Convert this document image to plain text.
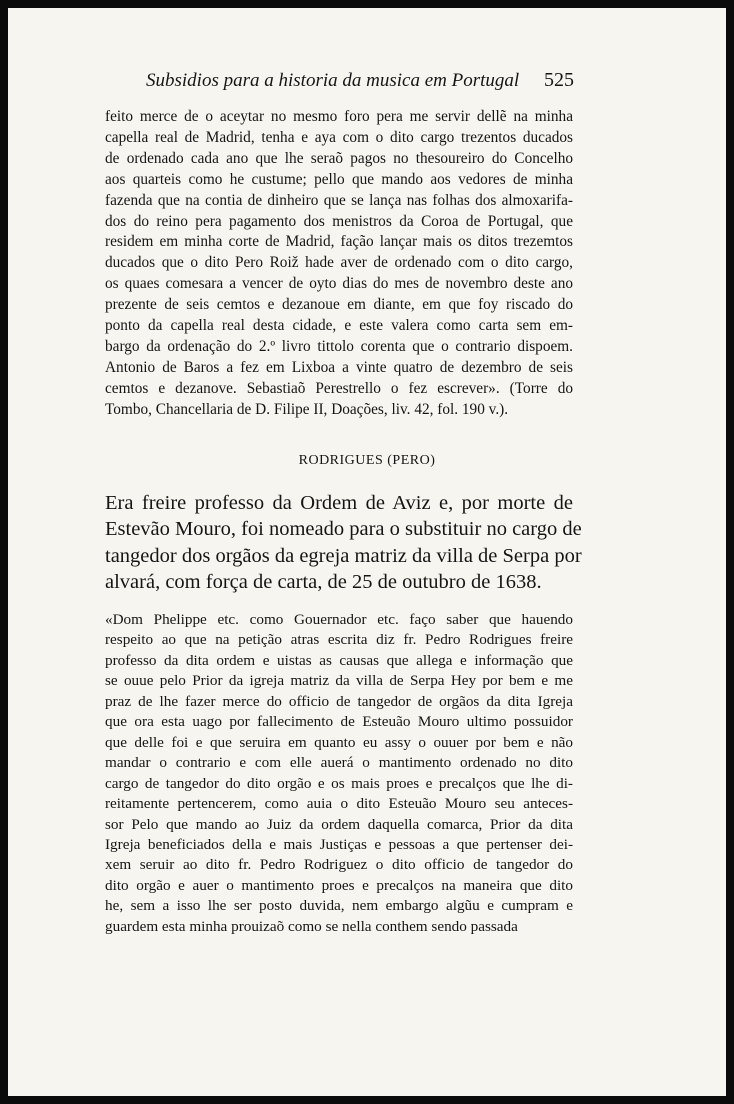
Subsidios para a historia da musica em Portugal 525
feito merce de o aceytar no mesmo foro pera me servir dellẽ na minha
capella real de Madrid, tenha e aya com o dito cargo trezentos ducados
de ordenado cada ano que lhe seraõ pagos no thesoureiro do Concelho
aos quarteis como he custume; pello que mando aos vedores de minha
fazenda que na contia de dinheiro que se lança nas folhas dos almoxarifa-
dos do reino pera pagamento dos menistros da Coroa de Portugal, que
residem em minha corte de Madrid, fação lançar mais os ditos trezemtos
ducados que o dito Pero Roiž hade aver de ordenado com o dito cargo,
os quaes comesara a vencer de oyto dias do mes de novembro deste ano
prezente de seis cemtos e dezanoue em diante, em que foy riscado do
ponto da capella real desta cidade, e este valera como carta sem em-
bargo da ordenação do 2.º livro tittolo corenta que o contrario dispoem.
Antonio de Baros a fez em Lixboa a vinte quatro de dezembro de seis
cemtos e dezanove. Sebastiaõ Perestrello o fez escrever». (Torre do
Tombo, Chancellaria de D. Filipe II, Doações, liv. 42, fol. 190 v.).
RODRIGUES (PERO)
Era freire professo da Ordem de Aviz e, por morte de
Estevão Mouro, foi nomeado para o substituir no cargo de
tangedor dos orgãos da egreja matriz da villa de Serpa por
alvará, com força de carta, de 25 de outubro de 1638.
«Dom Phelippe etc. como Gouernador etc. faço saber que hauendo
respeito ao que na petição atras escrita diz fr. Pedro Rodrigues freire
professo da dita ordem e uistas as causas que allega e informação que
se ouue pelo Prior da igreja matriz da villa de Serpa Hey por bem e me
praz de lhe fazer merce do officio de tangedor de orgãos da dita Igreja
que ora esta uago por fallecimento de Esteuão Mouro ultimo possuidor
que delle foi e que seruira em quanto eu assy o ouuer por bem e não
mandar o contrario e com elle auerá o mantimento ordenado no dito
cargo de tangedor do dito orgão e os mais proes e precalços que lhe di-
reitamente pertencerem, como auia o dito Esteuão Mouro seu anteces-
sor Pelo que mando ao Juiz da ordem daquella comarca, Prior da dita
Igreja beneficiados della e mais Justiças e pessoas a que pertenser dei-
xem seruir ao dito fr. Pedro Rodriguez o dito officio de tangedor do
dito orgão e auer o mantimento proes e precalços na maneira que dito
he, sem a isso lhe ser posto duvida, nem embargo algũu e cumpram e
guardem esta minha prouizaõ como se nella conthem sendo passada
